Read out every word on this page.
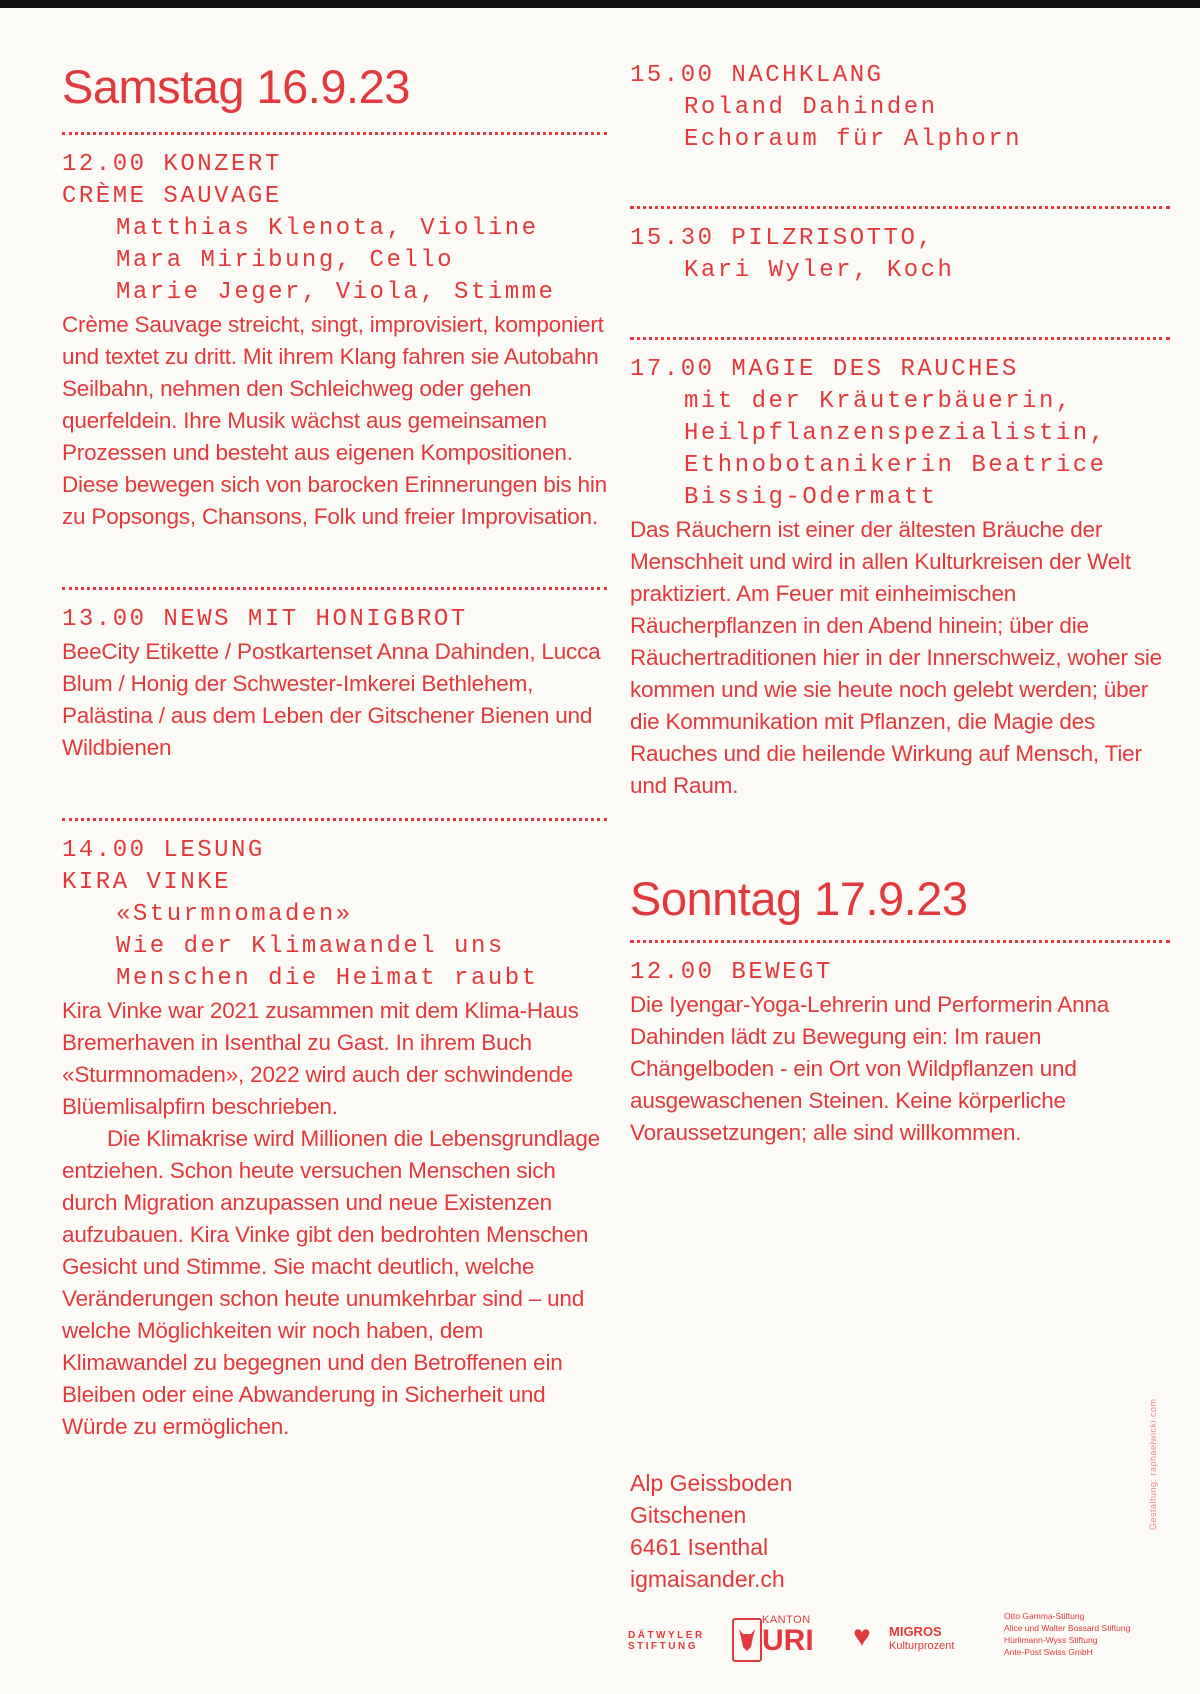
Samstag 16.9.23
12.00 KONZERT
CRÈME SAUVAGE
Matthias Klenota, Violine
Mara Miribung, Cello
Marie Jeger, Viola, Stimme

Crème Sauvage streicht, singt, improvisiert, komponiert und textet zu dritt. Mit ihrem Klang fahren sie Autobahn Seilbahn, nehmen den Schleichweg oder gehen querfeldein. Ihre Musik wächst aus gemeinsamen Prozessen und besteht aus eigenen Kompositionen. Diese bewegen sich von barocken Erinnerungen bis hin zu Popsongs, Chansons, Folk und freier Improvisation.

13.00 NEWS MIT HONIGBROT

BeeCity Etikette / Postkartenset Anna Dahinden, Lucca Blum / Honig der Schwester-Imkerei Bethlehem, Palästina / aus dem Leben der Gitschener Bienen und Wildbienen

14.00 LESUNG
KIRA VINKE
«Sturmnomaden»
Wie der Klimawandel uns
Menschen die Heimat raubt

Kira Vinke war 2021 zusammen mit dem Klima-Haus Bremerhaven in Isenthal zu Gast. In ihrem Buch «Sturmnomaden», 2022 wird auch der schwindende Blüemlisalpfirn beschrieben.

Die Klimakrise wird Millionen die Lebensgrundlage entziehen. Schon heute versuchen Menschen sich durch Migration anzupassen und neue Existenzen aufzubauen. Kira Vinke gibt den bedrohten Menschen Gesicht und Stimme. Sie macht deutlich, welche Veränderungen schon heute unumkehrbar sind – und welche Möglichkeiten wir noch haben, dem Klimawandel zu begegnen und den Betroffenen ein Bleiben oder eine Abwanderung in Sicherheit und Würde zu ermöglichen.

15.00 NACHKLANG
Roland Dahinden
Echoraum für Alphorn
15.30 PILZRISOTTO,
Kari Wyler, Koch
17.00 MAGIE DES RAUCHES
mit der Kräuterbäuerin,
Heilpflanzenspezialistin,
Ethnobotanikerin Beatrice
Bissig-Odermatt

Das Räuchern ist einer der ältesten Bräuche der Menschheit und wird in allen Kulturkreisen der Welt praktiziert. Am Feuer mit einheimischen Räucherpflanzen in den Abend hinein; über die Räuchertraditionen hier in der Innerschweiz, woher sie kommen und wie sie heute noch gelebt werden; über die Kommunikation mit Pflanzen, die Magie des Rauches und die heilende Wirkung auf Mensch, Tier und Raum.

Sonntag 17.9.23
12.00 BEWEGT

Die Iyengar-Yoga-Lehrerin und Performerin Anna Dahinden lädt zu Bewegung ein: Im rauen Chängelboden - ein Ort von Wildpflanzen und ausgewaschenen Steinen. Keine körperliche Voraussetzungen; alle sind willkommen.

Alp Geissboden
Gitschenen
6461 Isenthal
igmaisander.ch
Gestaltung: raphaelwicki.com
DÄTWYLER
STIFTUNG
KANTON
URI ♥ MIGROS
Kulturprozent
Otto Gamma-Stiftung
Alice und Walter Bossard Stiftung
Hürlimann-Wyss Stiftung
Ante-Post Swiss GmbH
